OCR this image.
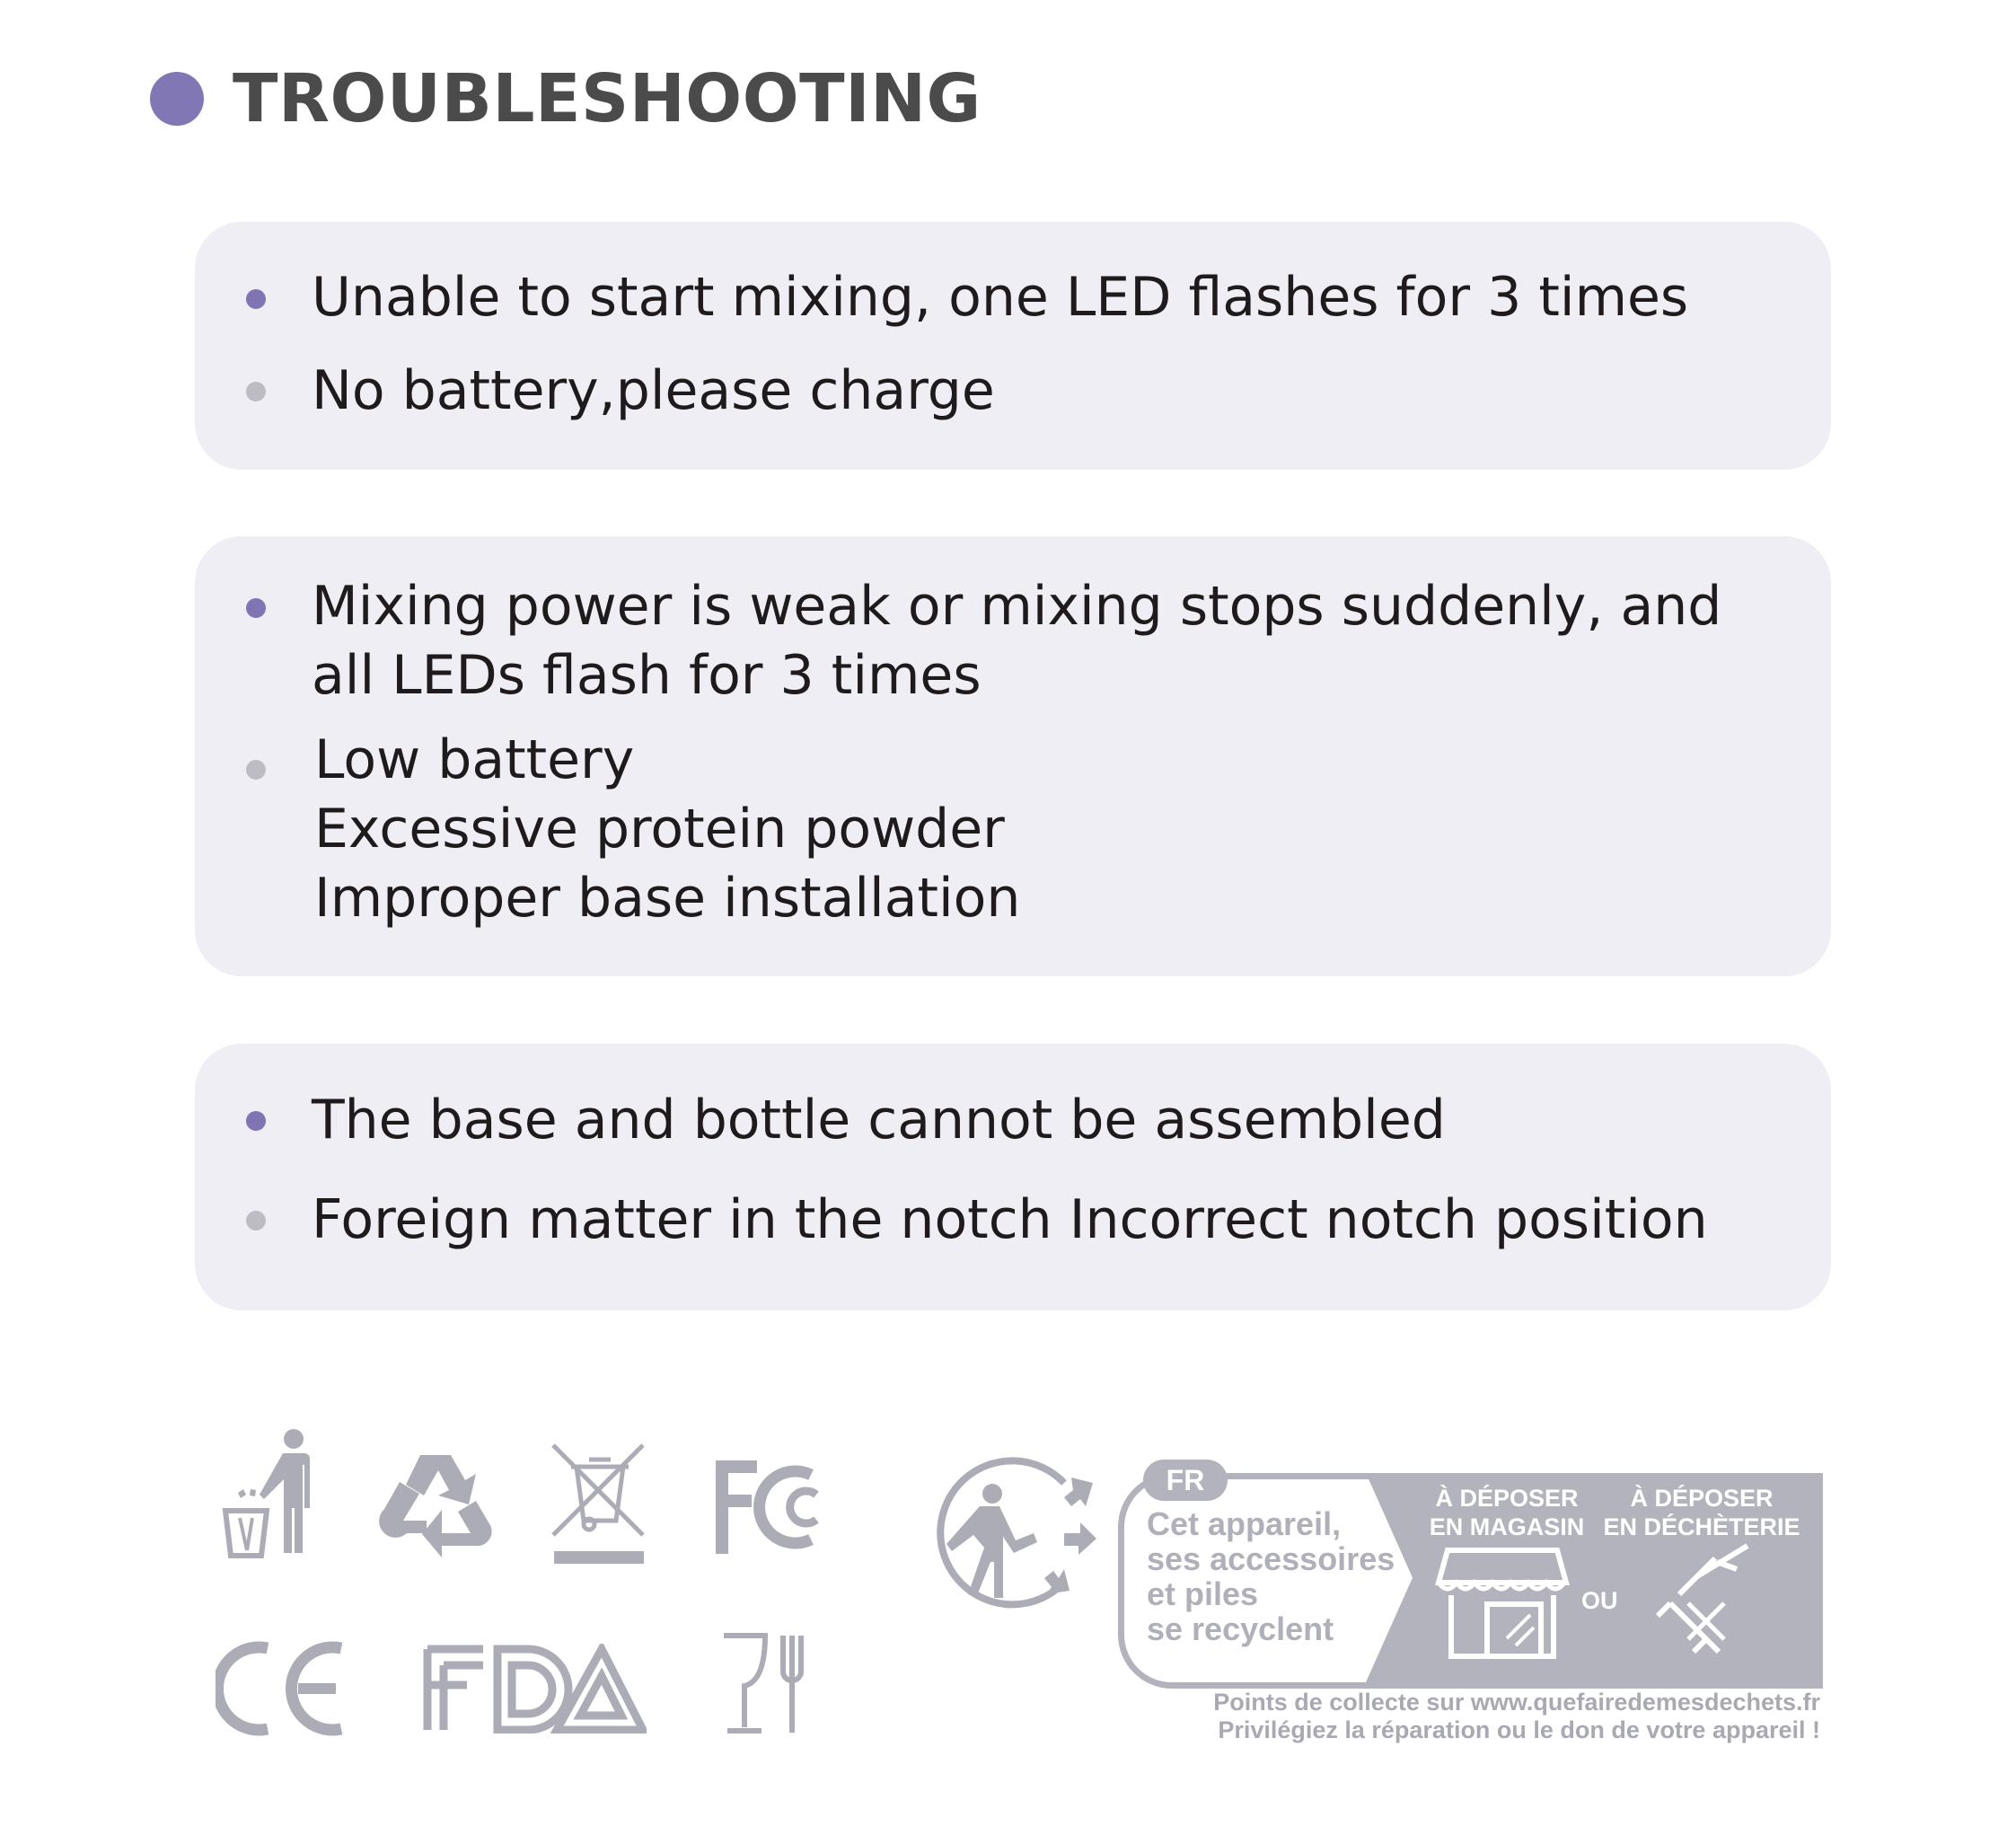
TROUBLESHOOTING
Unable to start mixing, one LED flashes for 3 times
No battery,please charge
Mixing power is weak or mixing stops suddenly, and
all LEDs flash for 3 times
Low battery
Excessive protein powder
Improper base installation
The base and bottle cannot be assembled
Foreign matter in the notch Incorrect notch position
FR
Cet appareil,
ses accessoires
et piles
se recyclent
À DÉPOSER
EN MAGASIN
À DÉPOSER
EN DÉCHÈTERIE
OU
Points de collecte sur www.quefairedemesdechets.fr
Privilégiez la réparation ou le don de votre appareil !
